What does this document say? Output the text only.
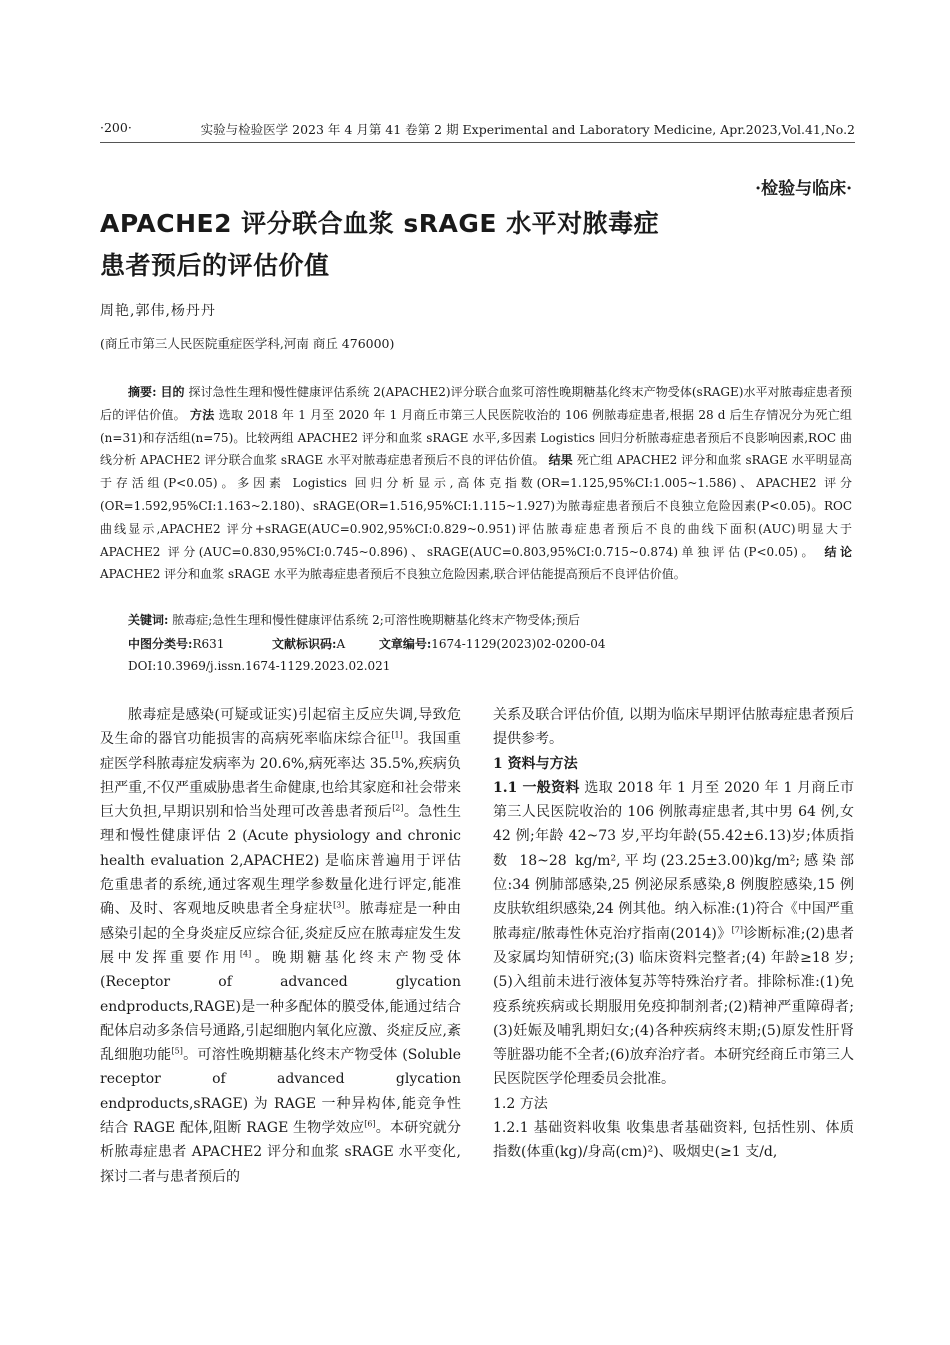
·200·	实验与检验医学 2023 年 4 月第 41 卷第 2 期 Experimental and Laboratory Medicine, Apr.2023,Vol.41,No.2
·检验与临床·
APACHE2 评分联合血浆 sRAGE 水平对脓毒症
患者预后的评估价值
周艳,郭伟,杨丹丹
(商丘市第三人民医院重症医学科,河南 商丘 476000)
摘要: 目的 探讨急性生理和慢性健康评估系统 2(APACHE2)评分联合血浆可溶性晚期糖基化终末产物受体(sRAGE)水平对脓毒症患者预后的评估价值。 方法 选取 2018 年 1 月至 2020 年 1 月商丘市第三人民医院收治的 106 例脓毒症患者,根据 28 d 后生存情况分为死亡组(n=31)和存活组(n=75)。比较两组 APACHE2 评分和血浆 sRAGE 水平,多因素 Logistics 回归分析脓毒症患者预后不良影响因素,ROC 曲线分析 APACHE2 评分联合血浆 sRAGE 水平对脓毒症患者预后不良的评估价值。 结果 死亡组 APACHE2 评分和血浆 sRAGE 水平明显高于存活组(P<0.05)。多因素 Logistics 回归分析显示,高体克指数(OR=1.125,95%CI:1.005~1.586)、APACHE2 评分(OR=1.592,95%CI:1.163~2.180)、sRAGE(OR=1.516,95%CI:1.115~1.927)为脓毒症患者预后不良独立危险因素(P<0.05)。ROC 曲线显示,APACHE2 评分+sRAGE(AUC=0.902,95%CI:0.829~0.951)评估脓毒症患者预后不良的曲线下面积(AUC)明显大于 APACHE2 评分(AUC=0.830,95%CI:0.745~0.896)、sRAGE(AUC=0.803,95%CI:0.715~0.874)单独评估(P<0.05)。 结论 APACHE2 评分和血浆 sRAGE 水平为脓毒症患者预后不良独立危险因素,联合评估能提高预后不良评估价值。
关键词: 脓毒症;急性生理和慢性健康评估系统 2;可溶性晚期糖基化终末产物受体;预后
中图分类号:R631	文献标识码:A	文章编号:1674-1129(2023)02-0200-04
DOI:10.3969/j.issn.1674-1129.2023.02.021

脓毒症是感染(可疑或证实)引起宿主反应失调,导致危及生命的器官功能损害的高病死率临床综合征[1]。我国重症医学科脓毒症发病率为 20.6%,病死率达 35.5%,疾病负担严重,不仅严重威胁患者生命健康,也给其家庭和社会带来巨大负担,早期识别和恰当处理可改善患者预后[2]。急性生理和慢性健康评估 2 (Acute physiology and chronic health evaluation 2,APACHE2) 是临床普遍用于评估危重患者的系统,通过客观生理学参数量化进行评定,能准确、及时、客观地反映患者全身症状[3]。脓毒症是一种由感染引起的全身炎症反应综合征,炎症反应在脓毒症发生发展中发挥重要作用[4]。晚期糖基化终末产物受体 (Receptor of advanced glycation endproducts,RAGE)是一种多配体的膜受体,能通过结合配体启动多条信号通路,引起细胞内氧化应激、炎症反应,紊乱细胞功能[5]。可溶性晚期糖基化终末产物受体 (Soluble receptor of advanced glycation endproducts,sRAGE) 为 RAGE 一种异构体,能竞争性结合 RAGE 配体,阻断 RAGE 生物学效应[6]。本研究就分析脓毒症患者 APACHE2 评分和血浆 sRAGE 水平变化,探讨二者与患者预后的

关系及联合评估价值, 以期为临床早期评估脓毒症患者预后提供参考。

1 资料与方法

1.1 一般资料 选取 2018 年 1 月至 2020 年 1 月商丘市第三人民医院收治的 106 例脓毒症患者,其中男 64 例,女 42 例;年龄 42~73 岁,平均年龄(55.42±6.13)岁;体质指数 18~28 kg/m²,平均(23.25±3.00)kg/m²;感染部位:34 例肺部感染,25 例泌尿系感染,8 例腹腔感染,15 例皮肤软组织感染,24 例其他。纳入标准:(1)符合《中国严重脓毒症/脓毒性休克治疗指南(2014)》[7]诊断标准;(2)患者及家属均知情研究;(3) 临床资料完整者;(4) 年龄≥18 岁;(5)入组前未进行液体复苏等特殊治疗者。排除标准:(1)免疫系统疾病或长期服用免疫抑制剂者;(2)精神严重障碍者;(3)妊娠及哺乳期妇女;(4)各种疾病终末期;(5)原发性肝肾等脏器功能不全者;(6)放弃治疗者。本研究经商丘市第三人民医院医学伦理委员会批准。

1.2 方法

1.2.1 基础资料收集 收集患者基础资料, 包括性别、体质指数(体重(kg)/身高(cm)²)、吸烟史(≥1 支/d,
